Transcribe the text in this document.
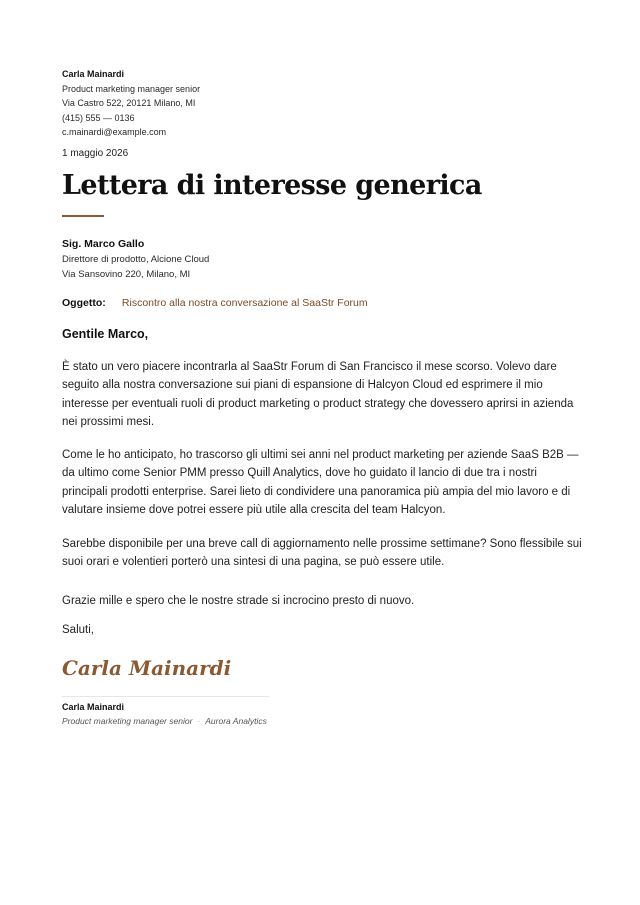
Carla Mainardi
Product marketing manager senior
Via Castro 522, 20121 Milano, MI
(415) 555 — 0136
c.mainardi@example.com
1 maggio 2026
Lettera di interesse generica
Sig. Marco Gallo
Direttore di prodotto, Alcione Cloud
Via Sansovino 220, Milano, MI
Oggetto: Riscontro alla nostra conversazione al SaaStr Forum
Gentile Marco,

È stato un vero piacere incontrarla al SaaStr Forum di San Francisco il mese scorso. Volevo dare seguito alla nostra conversazione sui piani di espansione di Halcyon Cloud ed esprimere il mio interesse per eventuali ruoli di product marketing o product strategy che dovessero aprirsi in azienda nei prossimi mesi.

Come le ho anticipato, ho trascorso gli ultimi sei anni nel product marketing per aziende SaaS B2B — da ultimo come Senior PMM presso Quill Analytics, dove ho guidato il lancio di due tra i nostri principali prodotti enterprise. Sarei lieto di condividere una panoramica più ampia del mio lavoro e di valutare insieme dove potrei essere più utile alla crescita del team Halcyon.

Sarebbe disponibile per una breve call di aggiornamento nelle prossime settimane? Sono flessibile sui suoi orari e volentieri porterò una sintesi di una pagina, se può essere utile.

Grazie mille e spero che le nostre strade si incrocino presto di nuovo.

Saluti,
Carla Mainardi
Carla Mainardi
Product marketing manager senior · Aurora Analytics
